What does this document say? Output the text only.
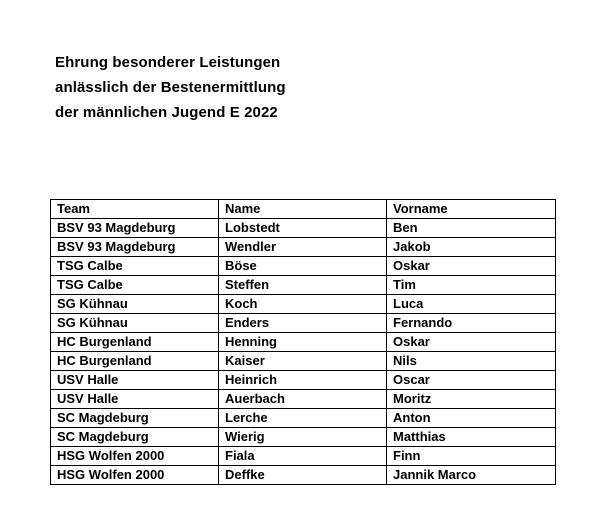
Ehrung besonderer Leistungen
anlässlich der Bestenermittlung
der männlichen Jugend E 2022
Team	Name	Vorname
BSV 93 Magdeburg	Lobstedt	Ben
BSV 93 Magdeburg	Wendler	Jakob
TSG Calbe	Böse	Oskar
TSG Calbe	Steffen	Tim
SG Kühnau	Koch	Luca
SG Kühnau	Enders	Fernando
HC Burgenland	Henning	Oskar
HC Burgenland	Kaiser	Nils
USV Halle	Heinrich	Oscar
USV Halle	Auerbach	Moritz
SC Magdeburg	Lerche	Anton
SC Magdeburg	Wierig	Matthias
HSG Wolfen 2000	Fiala	Finn
HSG Wolfen 2000	Deffke	Jannik Marco
